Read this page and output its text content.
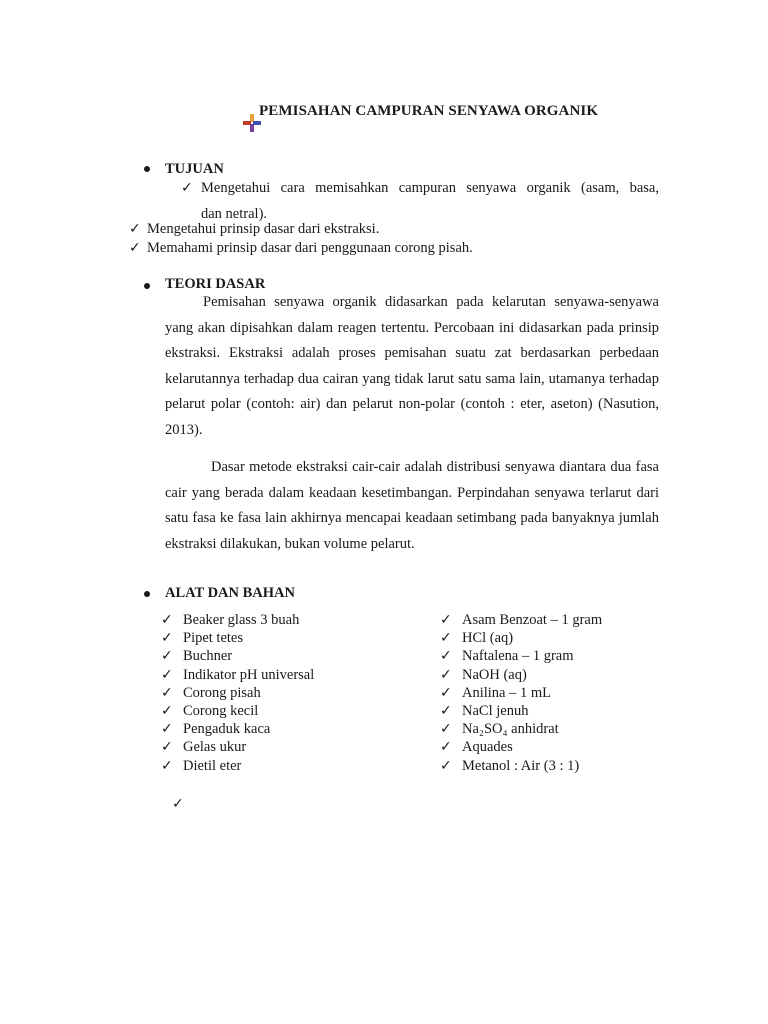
PEMISAHAN CAMPURAN SENYAWA ORGANIK
TUJUAN
✓ Mengetahui cara memisahkan campuran senyawa organik (asam, basa,
dan netral).
✓ Mengetahui prinsip dasar dari ekstraksi.
✓ Memahami prinsip dasar dari penggunaan corong pisah.
TEORI DASAR
Pemisahan senyawa organik didasarkan pada kelarutan senyawa-senyawa yang akan dipisahkan dalam reagen tertentu. Percobaan ini didasarkan pada prinsip ekstraksi. Ekstraksi adalah proses pemisahan suatu zat berdasarkan perbedaan kelarutannya terhadap dua cairan yang tidak larut satu sama lain, utamanya terhadap pelarut polar (contoh: air) dan pelarut non-polar (contoh : eter, aseton) (Nasution, 2013).
Dasar metode ekstraksi cair-cair adalah distribusi senyawa diantara dua fasa cair yang berada dalam keadaan kesetimbangan. Perpindahan senyawa terlarut dari satu fasa ke fasa lain akhirnya mencapai keadaan setimbang pada banyaknya jumlah ekstraksi dilakukan, bukan volume pelarut.
ALAT DAN BAHAN
✓ Beaker glass 3 buah
✓ Pipet tetes
✓ Buchner
✓ Indikator pH universal
✓ Corong pisah
✓ Corong kecil
✓ Pengaduk kaca
✓ Gelas ukur
✓ Dietil eter
✓ Asam Benzoat – 1 gram
✓ HCl (aq)
✓ Naftalena – 1 gram
✓ NaOH (aq)
✓ Anilina – 1 mL
✓ NaCl jenuh
✓ Na₂SO₄ anhidrat
✓ Aquades
✓ Metanol : Air (3 : 1)
✓
